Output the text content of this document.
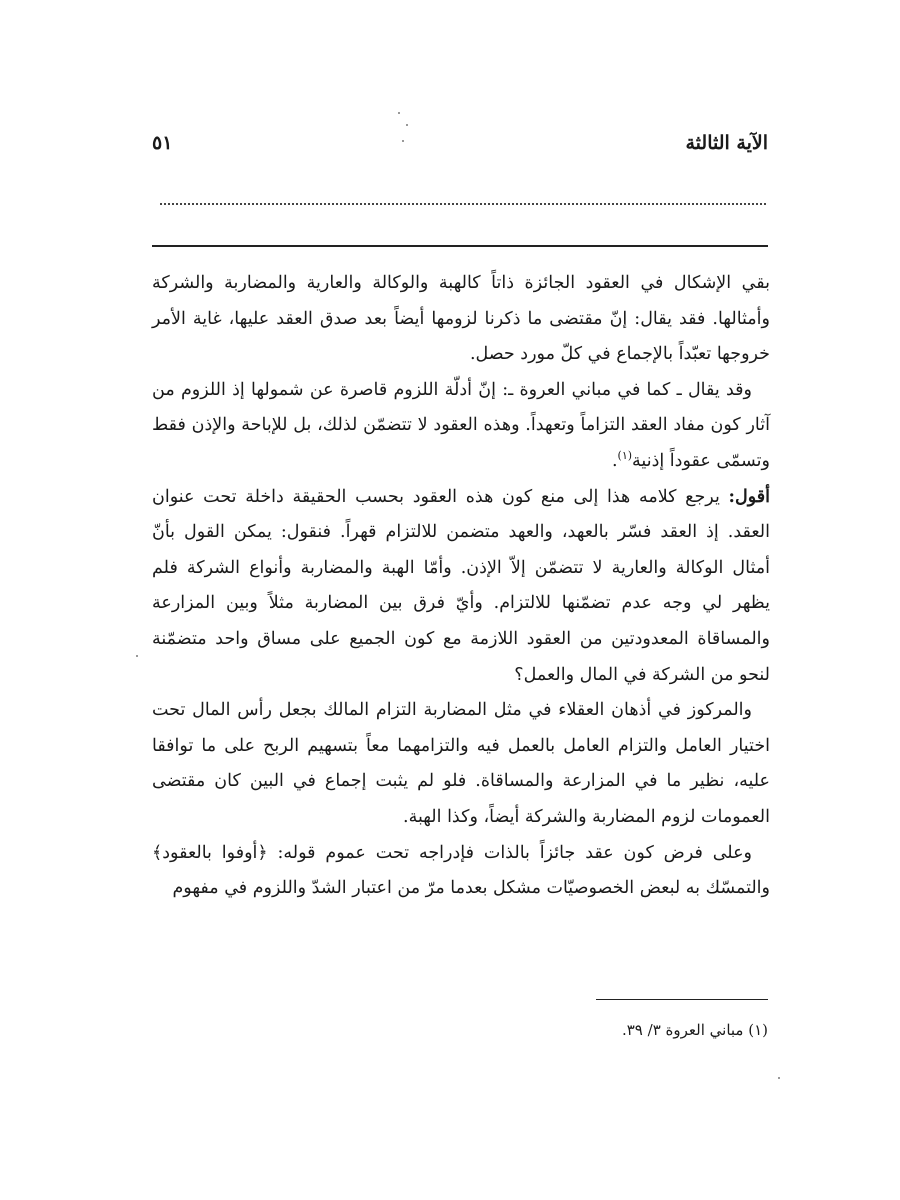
الآية الثالثة
٥١

بقي الإشكال في العقود الجائزة ذاتاً كالهبة والوكالة والعارية والمضاربة والشركة وأمثالها. فقد يقال: إنّ مقتضى ما ذكرنا لزومها أيضاً بعد صدق العقد عليها، غاية الأمر خروجها تعبّداً بالإجماع في كلّ مورد حصل.

وقد يقال ـ كما في مباني العروة ـ: إنّ أدلّة اللزوم قاصرة عن شمولها إذ اللزوم من آثار كون مفاد العقد التزاماً وتعهداً. وهذه العقود لا تتضمّن لذلك، بل للإباحة والإذن فقط وتسمّى عقوداً إذنية$^{(١)}$.

أقول: يرجع كلامه هذا إلى منع كون هذه العقود بحسب الحقيقة داخلة تحت عنوان العقد. إذ العقد فسّر بالعهد، والعهد متضمن للالتزام قهراً. فنقول: يمكن القول بأنّ أمثال الوكالة والعارية لا تتضمّن إلاّ الإذن. وأمّا الهبة والمضاربة وأنواع الشركة فلم يظهر لي وجه عدم تضمّنها للالتزام. وأيّ فرق بين المضاربة مثلاً وبين المزارعة والمساقاة المعدودتين من العقود اللازمة مع كون الجميع على مساق واحد متضمّنة لنحو من الشركة في المال والعمل؟

والمركوز في أذهان العقلاء في مثل المضاربة التزام المالك بجعل رأس المال تحت اختيار العامل والتزام العامل بالعمل فيه والتزامهما معاً بتسهيم الربح على ما توافقا عليه، نظير ما في المزارعة والمساقاة. فلو لم يثبت إجماع في البين كان مقتضى العمومات لزوم المضاربة والشركة أيضاً، وكذا الهبة.

وعلى فرض كون عقد جائزاً بالذات فإدراجه تحت عموم قوله: ﴿أوفوا بالعقود﴾ والتمسّك به لبعض الخصوصيّات مشكل بعدما مرّ من اعتبار الشدّ واللزوم في مفهوم

(١) مباني العروة ٣/ ٣٩.
